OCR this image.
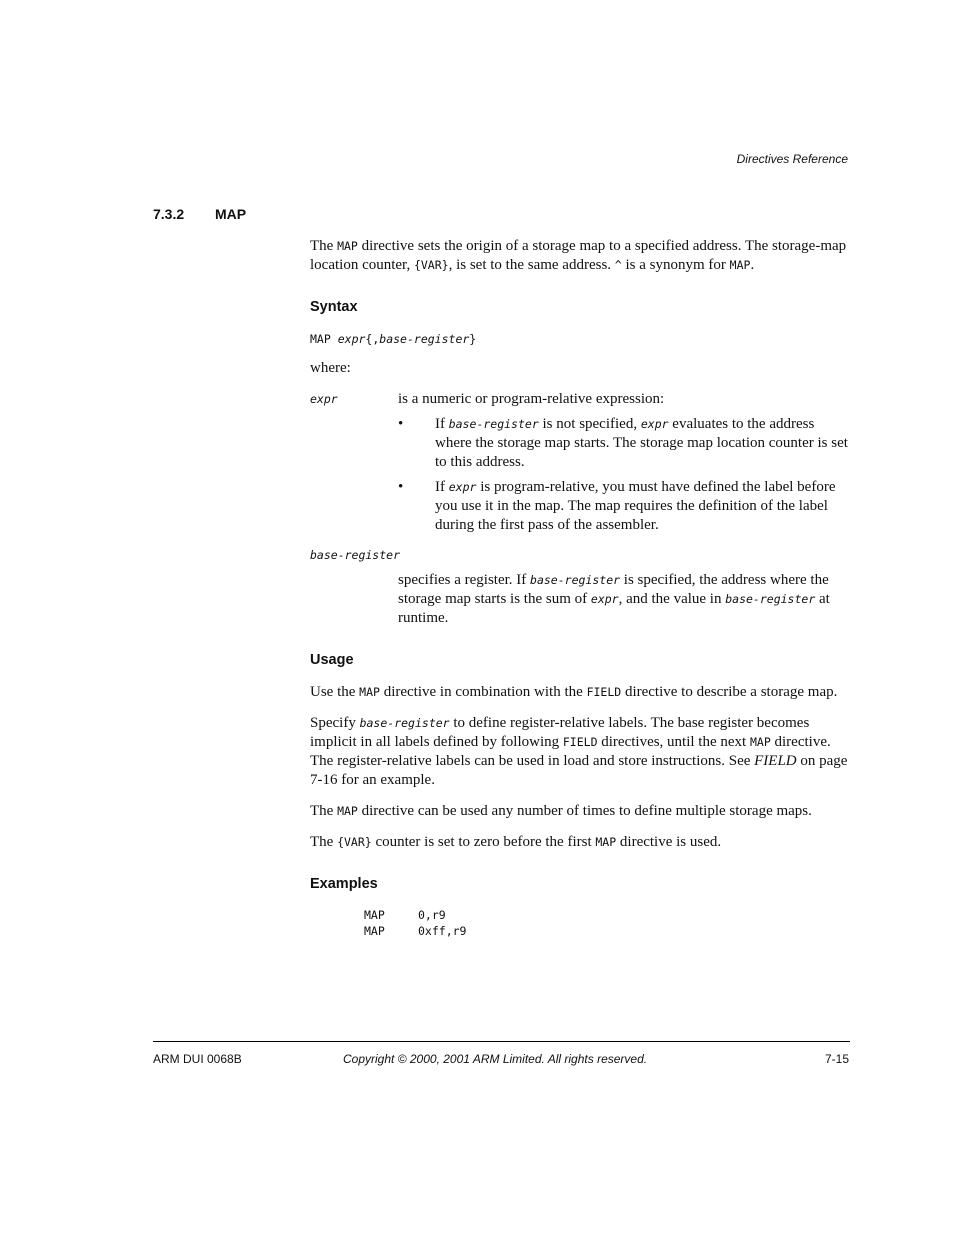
Directives Reference
7.3.2 MAP

The MAP directive sets the origin of a storage map to a specified address. The storage-map location counter, {VAR}, is set to the same address. ^ is a synonym for MAP.

Syntax
MAP expr{,base-register}
where:
expr	is a numeric or program-relative expression:
• If base-register is not specified, expr evaluates to the address where the storage map starts. The storage map location counter is set to this address.
• If expr is program-relative, you must have defined the label before you use it in the map. The map requires the definition of the label during the first pass of the assembler.
base-register
specifies a register. If base-register is specified, the address where the storage map starts is the sum of expr, and the value in base-register at runtime.
Usage
Use the MAP directive in combination with the FIELD directive to describe a storage map.
Specify base-register to define register-relative labels. The base register becomes implicit in all labels defined by following FIELD directives, until the next MAP directive. The register-relative labels can be used in load and store instructions. See FIELD on page 7-16 for an example.
The MAP directive can be used any number of times to define multiple storage maps.
The {VAR} counter is set to zero before the first MAP directive is used.
Examples
MAP	0,r9
MAP	0xff,r9
ARM DUI 0068B	Copyright © 2000, 2001 ARM Limited. All rights reserved.	7-15
